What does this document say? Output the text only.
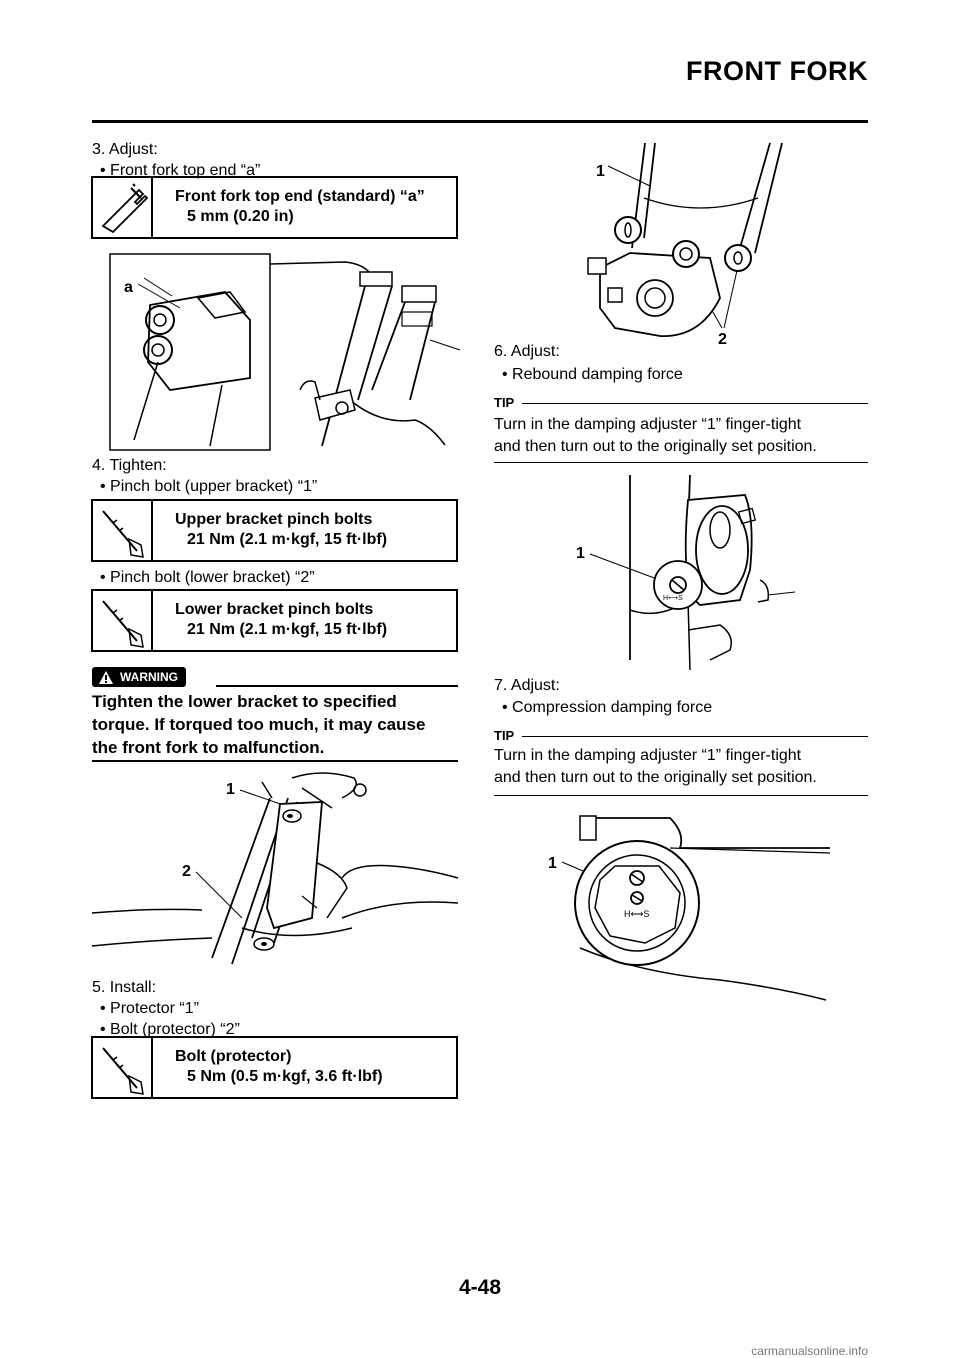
FRONT FORK
3. Adjust:
• Front fork top end “a”
Front fork top end (standard) “a”
5 mm (0.20 in)
a
4. Tighten:
• Pinch bolt (upper bracket) “1”
Upper bracket pinch bolts
21 Nm (2.1 m·kgf, 15 ft·lbf)
• Pinch bolt (lower bracket) “2”
Lower bracket pinch bolts
21 Nm (2.1 m·kgf, 15 ft·lbf)
WARNING
Tighten the lower bracket to specified
torque. If torqued too much, it may cause
the front fork to malfunction.
1
2
5. Install:
• Protector “1”
• Bolt (protector) “2”
Bolt (protector)
5 Nm (0.5 m·kgf, 3.6 ft·lbf)
1
2
6. Adjust:
• Rebound damping force
TIP
Turn in the damping adjuster “1” finger-tight
and then turn out to the originally set position.
1
H⟷S
7. Adjust:
• Compression damping force
TIP
Turn in the damping adjuster “1” finger-tight
and then turn out to the originally set position.
1
H⟷S
4-48
carmanualsonline.info
